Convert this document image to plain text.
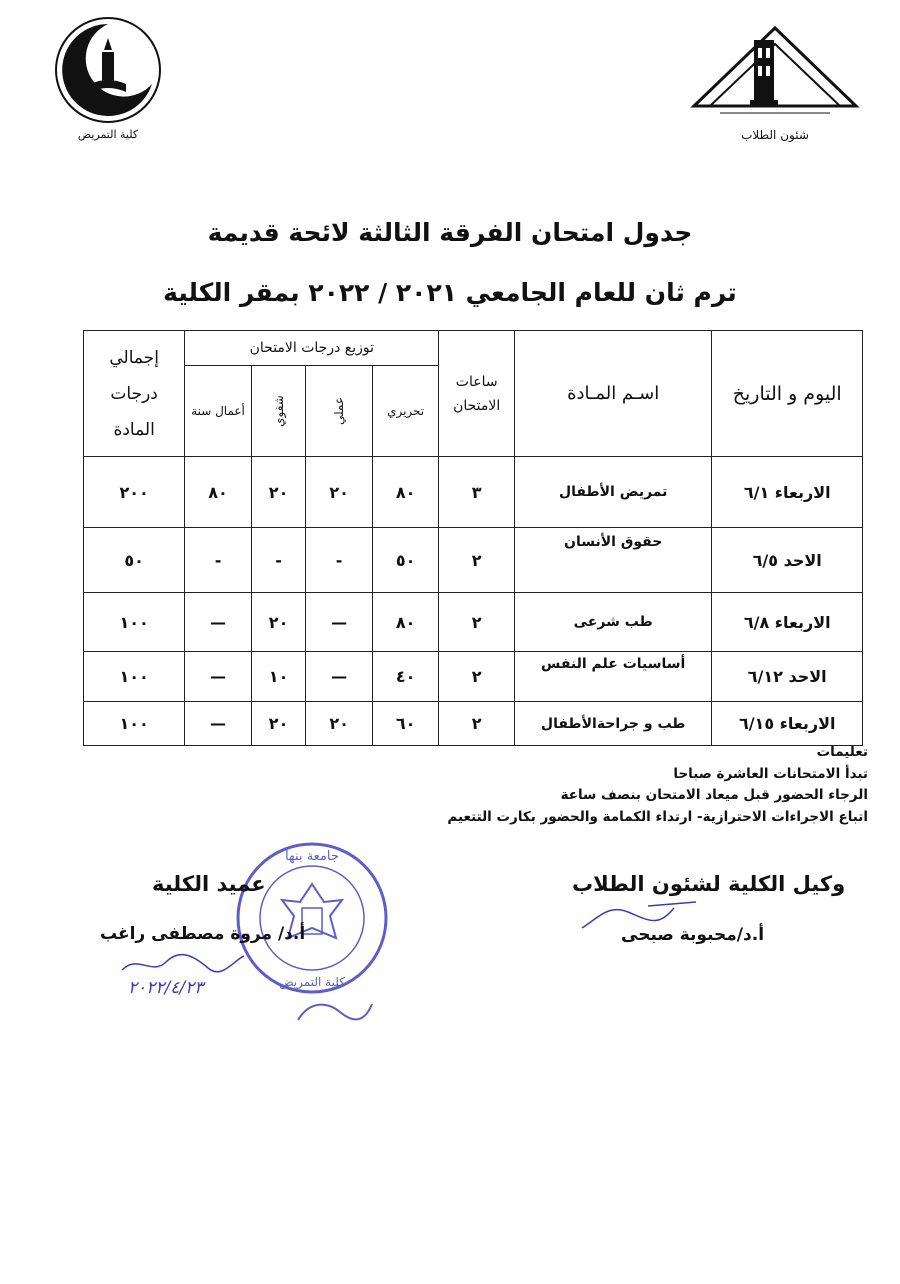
كلية التمريض	شئون الطلاب
جدول امتحان الفرقة الثالثة لائحة قديمة
ترم ثان للعام الجامعي ٢٠٢١ / ٢٠٢٢ بمقر الكلية
اليوم و التاريخ	اسـم المـادة	ساعات الامتحان	توزيع درجات الامتحان				إجمالي
درجات
المادة

			تحريري	عملي	شفوي	أعمال سنة	
الاربعاء ٦/١	تمريض الأطفال	٣	٨٠	٢٠	٢٠	٨٠	٢٠٠
الاحد ٦/٥	حقوق الأنسان	٢	٥٠	-	-	-	٥٠
الاربعاء ٦/٨	طب شرعى	٢	٨٠	—	٢٠	—	١٠٠
الاحد ٦/١٢	أساسيات علم النفس	٢	٤٠	—	١٠	—	١٠٠
الاربعاء ٦/١٥	طب و جراحةالأطفال	٢	٦٠	٢٠	٢٠	—	١٠٠
تعليمات
تبدأ الامتحانات العاشرة صباحا
الرجاء الحضور قبل ميعاد الامتحان بنصف ساعة
اتباع الاجراءات الاحترازية- ارتداء الكمامة والحضور بكارت التتعيم
جامعة بنها
كلية التمريض
وكيل الكلية لشئون الطلاب
أ.د/محبوبة صبحى
عميد الكلية
أ.د/ مروة مصطفى راغب
٢٠٢٢/٤/٢٣
